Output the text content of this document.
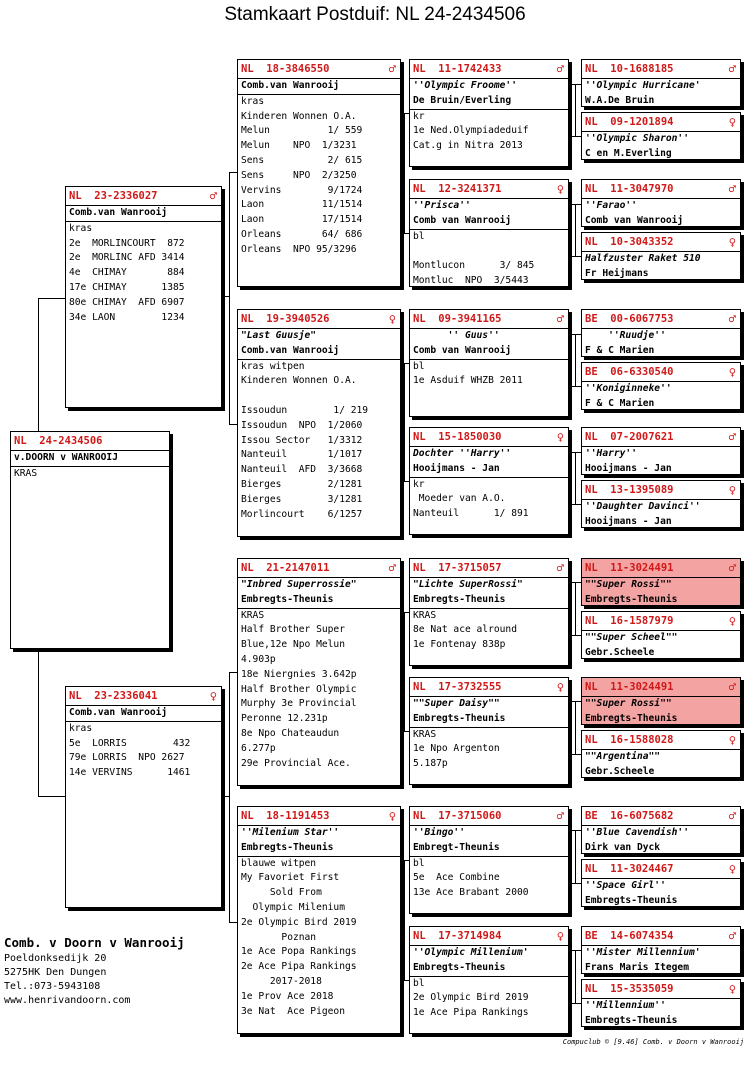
Stamkaart Postduif: NL 24-2434506
NL  24-2434506
v.DOORN v WANROOIJ
KRAS
NL  23-2336027	♂
Comb.van Wanrooij
kras
2e  MORLINCOURT  872
2e  MORLINC AFD 3414
4e  CHIMAY       884
17e CHIMAY      1385
80e CHIMAY  AFD 6907
34e LAON        1234
NL  23-2336041	♀
Comb.van Wanrooij
kras
5e  LORRIS        432
79e LORRIS  NPO 2627
14e VERVINS      1461
NL  18-3846550	♂
Comb.van Wanrooij
kras
Kinderen Wonnen O.A.
Melun          1/ 559
Melun    NPO  1/3231
Sens           2/ 615
Sens     NPO  2/3250
Vervins        9/1724
Laon          11/1514
Laon          17/1514
Orleans       64/ 686
Orleans  NPO 95/3296
NL  19-3940526	♀
"Last Guusje"
Comb.van Wanrooij
kras witpen
Kinderen Wonnen O.A.

Issoudun        1/ 219
Issoudun  NPO  1/2060
Issou Sector   1/3312
Nanteuil       1/1017
Nanteuil  AFD  3/3668
Bierges        2/1281
Bierges        3/1281
Morlincourt    6/1257
NL  21-2147011	♂
"Inbred Superrossie"
Embregts-Theunis
KRAS
Half Brother Super
Blue,12e Npo Melun
4.903p
18e Niergnies 3.642p
Half Brother Olympic
Murphy 3e Provincial
Peronne 12.231p
8e Npo Chateaudun
6.277p
29e Provincial Ace.
NL  18-1191453	♀
''Milenium Star''
Embregts-Theunis
blauwe witpen
My Favoriet First
Sold From
Olympic Milenium
2e Olympic Bird 2019
Poznan
1e Ace Popa Rankings
2e Ace Pipa Rankings
2017-2018
1e Prov Ace 2018
3e Nat  Ace Pigeon
NL  11-1742433	♂
''Olympic Froome''
De Bruin/Everling
kr
1e Ned.Olympiadeduif
Cat.g in Nitra 2013
NL  12-3241371	♀
''Prisca''
Comb van Wanrooij
bl

Montlucon      3/ 845
Montluc  NPO  3/5443
NL  09-3941165	♂
'' Guus''
Comb van Wanrooij
bl
1e Asduif WHZB 2011
NL  15-1850030	♀
Dochter ''Harry''
Hooijmans - Jan
kr
Moeder van A.O.
Nanteuil      1/ 891
NL  17-3715057	♂
"Lichte SuperRossi"
Embregts-Theunis
KRAS
8e Nat ace alround
1e Fontenay 838p
NL  17-3732555	♀
""Super Daisy""
Embregts-Theunis
KRAS
1e Npo Argenton
5.187p
NL  17-3715060	♂
''Bingo''
Embregt-Theunis
bl
5e  Ace Combine
13e Ace Brabant 2000
NL  17-3714984	♀
''Olympic Millenium'
Embregts-Theunis
bl
2e Olympic Bird 2019
1e Ace Pipa Rankings
NL  10-1688185	♂
''Olympic Hurricane'
W.A.De Bruin
NL  09-1201894	♀
''Olympic Sharon''
C en M.Everling
NL  11-3047970	♂
''Farao''
Comb van Wanrooij
NL  10-3043352	♀
Halfzuster Raket 510
Fr Heijmans
BE  00-6067753	♂
''Ruudje''
F & C Marien
BE  06-6330540	♀
''Koniginneke''
F & C Marien
NL  07-2007621	♂
''Harry''
Hooijmans - Jan
NL  13-1395089	♀
''Daughter Davinci''
Hooijmans - Jan
NL  11-3024491	♂
""Super Rossi""
Embregts-Theunis
NL  16-1587979	♀
""Super Scheel""
Gebr.Scheele
NL  11-3024491	♂
""Super Rossi""
Embregts-Theunis
NL  16-1588028	♀
""Argentina""
Gebr.Scheele
BE  16-6075682	♂
''Blue Cavendish''
Dirk van Dyck
NL  11-3024467	♀
''Space Girl''
Embregts-Theunis
BE  14-6074354	♂
''Mister Millennium'
Frans Maris Itegem
NL  15-3535059	♀
''Millennium''
Embregts-Theunis
Comb. v Doorn v Wanrooij
Poeldonksedijk 20
5275HK Den Dungen
Tel.:073-5943108
www.henrivandoorn.com
Compuclub © [9.46] Comb. v Doorn v Wanrooij
